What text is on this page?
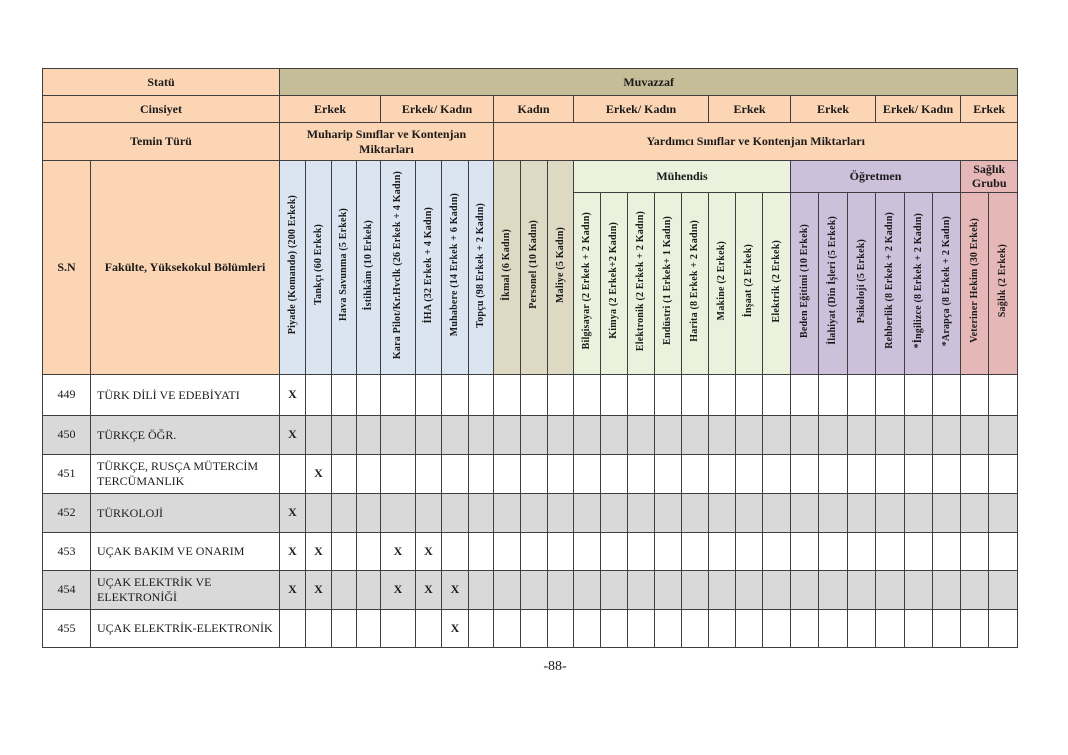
Statü		Muvazzaf																										
Cinsiyet		Erkek				Erkek/ Kadın				Kadın			Erkek/ Kadın					Erkek			Erkek			Erkek/ Kadın			Erkek	
Temin Türü		Muharip Sınıflar ve Kontenjan Miktarları								Yardımcı Sınıflar ve Kontenjan Miktarları																		
S.N	Fakülte, Yüksekokul Bölümleri	Piyade (Komando) (200 Erkek)	Tankçı (60 Erkek)	Hava Savunma (5 Erkek)	İstihkâm (10 Erkek)	Kara Pilot/Kr.Hvclk (26 Erkek + 4 Kadın)	İHA (32 Erkek + 4 Kadın)	Muhabere (14 Erkek + 6 Kadın)	Topçu (98 Erkek + 2 Kadın)	İkmal (6 Kadın)	Personel (10 Kadın)	Maliye (5 Kadın)	Mühendis								Öğretmen						Sağlık Grubu	
													Bilgisayar (2 Erkek + 2 Kadın)	Kimya (2 Erkek+2 Kadın)	Elektronik (2 Erkek + 2 Kadın)	Endüstri (1 Erkek+ 1 Kadın)	Harita (8 Erkek + 2 Kadın)	Makine (2 Erkek)	İnşaat (2 Erkek)	Elektrik (2 Erkek)	Beden Eğitimi (10 Erkek)	İlahiyat (Din İşleri (5 Erkek)	Psikoloji (5 Erkek)	Rehberlik (8 Erkek + 2 Kadın)	*İngilizce (8 Erkek + 2 Kadın)	*Arapça (8 Erkek + 2 Kadın)	Veteriner Hekim (30 Erkek)	Sağlık (2 Erkek)
449	TÜRK DİLİ VE EDEBİYATI	X																										
450	TÜRKÇE ÖĞR.	X																										
451	TÜRKÇE, RUSÇA MÜTERCİM TERCÜMANLIK		X																									
452	TÜRKOLOJİ	X																										
453	UÇAK BAKIM VE ONARIM	X	X			X	X																					
454	UÇAK ELEKTRİK VE ELEKTRONİĞİ	X	X			X	X	X																				
455	UÇAK ELEKTRİK-ELEKTRONİK							X																				
-88-
